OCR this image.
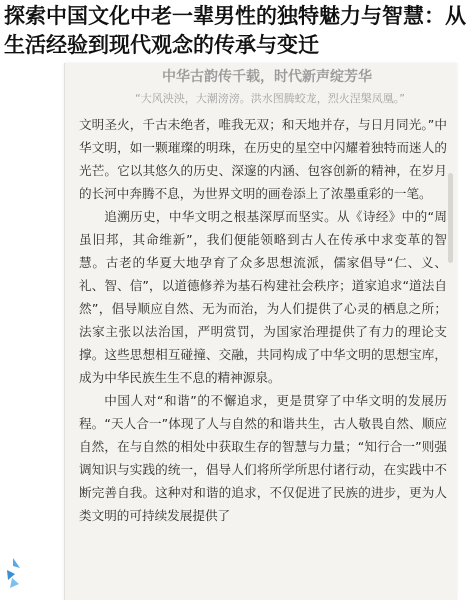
探索中国文化中老一辈男性的独特魅力与智慧：从生活经验到现代观念的传承与变迁
中华古韵传千载，时代新声绽芳华
“大风泱泱，大潮滂滂。洪水图腾蛟龙，烈火涅槃凤凰。”

文明圣火，千古未绝者，唯我无双；和天地并存，与日月同光。”中华文明，如一颗璀璨的明珠，在历史的星空中闪耀着独特而迷人的光芒。它以其悠久的历史、深邃的内涵、包容创新的精神，在岁月的长河中奔腾不息，为世界文明的画卷添上了浓墨重彩的一笔。

追溯历史，中华文明之根基深厚而坚实。从《诗经》中的“周虽旧邦，其命维新”，我们便能领略到古人在传承中求变革的智慧。古老的华夏大地孕育了众多思想流派，儒家倡导“仁、义、礼、智、信”，以道德修养为基石构建社会秩序；道家追求“道法自然”，倡导顺应自然、无为而治，为人们提供了心灵的栖息之所；法家主张以法治国，严明赏罚，为国家治理提供了有力的理论支撑。这些思想相互碰撞、交融，共同构成了中华文明的思想宝库，成为中华民族生生不息的精神源泉。

中国人对“和谐”的不懈追求，更是贯穿了中华文明的发展历程。“天人合一”体现了人与自然的和谐共生，古人敬畏自然、顺应自然，在与自然的相处中获取生存的智慧与力量；“知行合一”则强调知识与实践的统一，倡导人们将所学所思付诸行动，在实践中不断完善自我。这种对和谐的追求，不仅促进了民族的进步，更为人类文明的可持续发展提供了
